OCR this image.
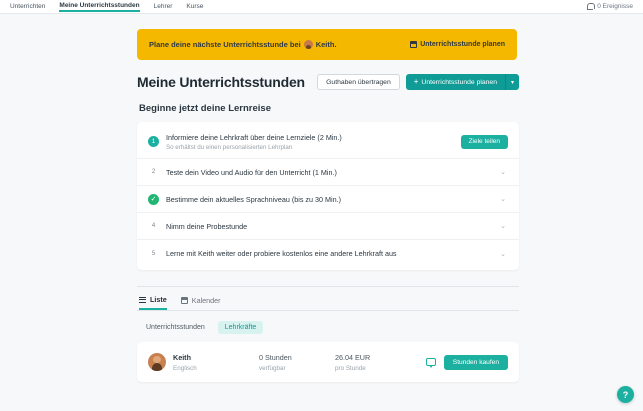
Unterrichten Meine Unterrichtsstunden Lehrer Kurse	0 Ereignisse
Plane deine nächste Unterrichtsstunde bei Keith.	Unterrichtsstunde planen
Meine Unterrichtsstunden	Guthaben übertragen	+ Unterrichtsstunde planen ▾
Beginne jetzt deine Lernreise
1	Informiere deine Lehrkraft über deine Lernziele (2 Min.)
So erhältst du einen personalisierten Lehrplan
Ziele teilen
2	Teste dein Video und Audio für den Unterricht (1 Min.)	⌄
✓	Bestimme dein aktuelles Sprachniveau (bis zu 30 Min.)	⌄
4	Nimm deine Probestunde	⌄
5	Lerne mit Keith weiter oder probiere kostenlos eine andere Lehrkraft aus	⌄
Liste	Kalender
Unterrichtsstunden	Lehrkräfte
Keith
Englisch
0 Stunden
verfügbar
26.04 EUR
pro Stunde
Stunden kaufen
?
